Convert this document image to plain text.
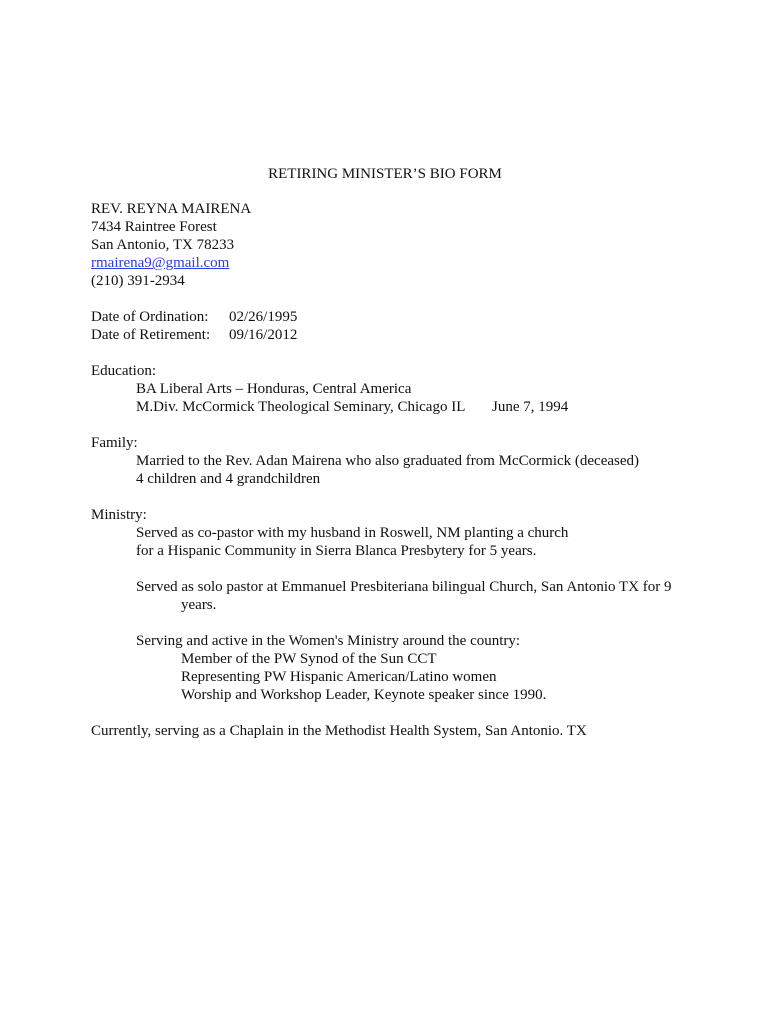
RETIRING MINISTER’S BIO FORM
REV. REYNA MAIRENA
7434 Raintree Forest
San Antonio, TX 78233
rmairena9@gmail.com
(210) 391-2934
Date of Ordination: 02/26/1995
Date of Retirement: 09/16/2012
Education:
BA Liberal Arts – Honduras, Central America
M.Div. McCormick Theological Seminary, Chicago IL June 7, 1994
Family:
Married to the Rev. Adan Mairena who also graduated from McCormick (deceased)
4 children and 4 grandchildren
Ministry:
Served as co-pastor with my husband in Roswell, NM planting a church
for a Hispanic Community in Sierra Blanca Presbytery for 5 years.
Served as solo pastor at Emmanuel Presbiteriana bilingual Church, San Antonio TX for 9
years.
Serving and active in the Women's Ministry around the country:
Member of the PW Synod of the Sun CCT
Representing PW Hispanic American/Latino women
Worship and Workshop Leader, Keynote speaker since 1990.
Currently, serving as a Chaplain in the Methodist Health System, San Antonio. TX
